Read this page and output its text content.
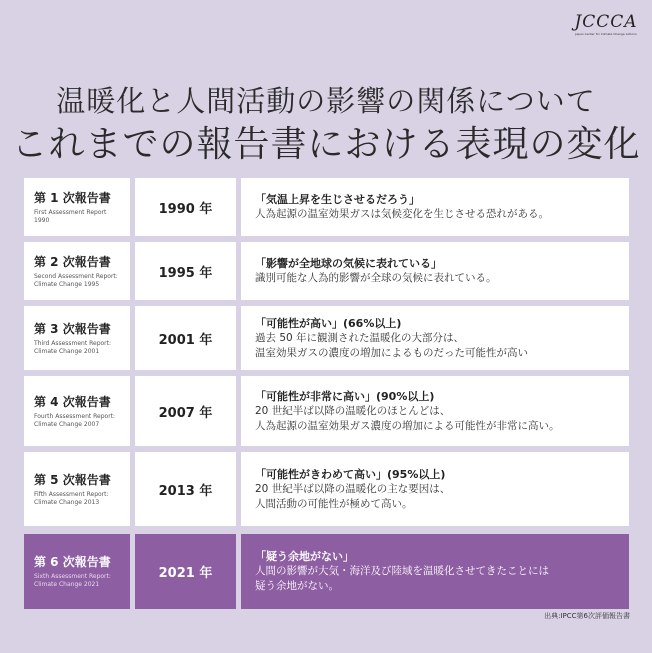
JCCCA
Japan Center for Climate Change Actions
温暖化と人間活動の影響の関係について
これまでの報告書における表現の変化
第 1 次報告書
First Assessment Report 1990
1990 年
「気温上昇を生じさせるだろう」
人為起源の温室効果ガスは気候変化を生じさせる恐れがある。
第 2 次報告書
Second Assessment Report: Climate Change 1995
1995 年
「影響が全地球の気候に表れている」
識別可能な人為的影響が全球の気候に表れている。
第 3 次報告書
Third Assessment Report: Climate Change 2001
2001 年
「可能性が高い」(66%以上)
過去 50 年に観測された温暖化の大部分は、
温室効果ガスの濃度の増加によるものだった可能性が高い
第 4 次報告書
Fourth Assessment Report: Climate Change 2007
2007 年
「可能性が非常に高い」(90%以上)
20 世紀半ば以降の温暖化のほとんどは、
人為起源の温室効果ガス濃度の増加による可能性が非常に高い。
第 5 次報告書
Fifth Assessment Report: Climate Change 2013
2013 年
「可能性がきわめて高い」(95%以上)
20 世紀半ば以降の温暖化の主な要因は、
人間活動の可能性が極めて高い。
第 6 次報告書
Sixth Assessment Report: Climate Change 2021
2021 年
「疑う余地がない」
人間の影響が大気・海洋及び陸域を温暖化させてきたことには
疑う余地がない。
出典:IPCC第6次評価報告書
